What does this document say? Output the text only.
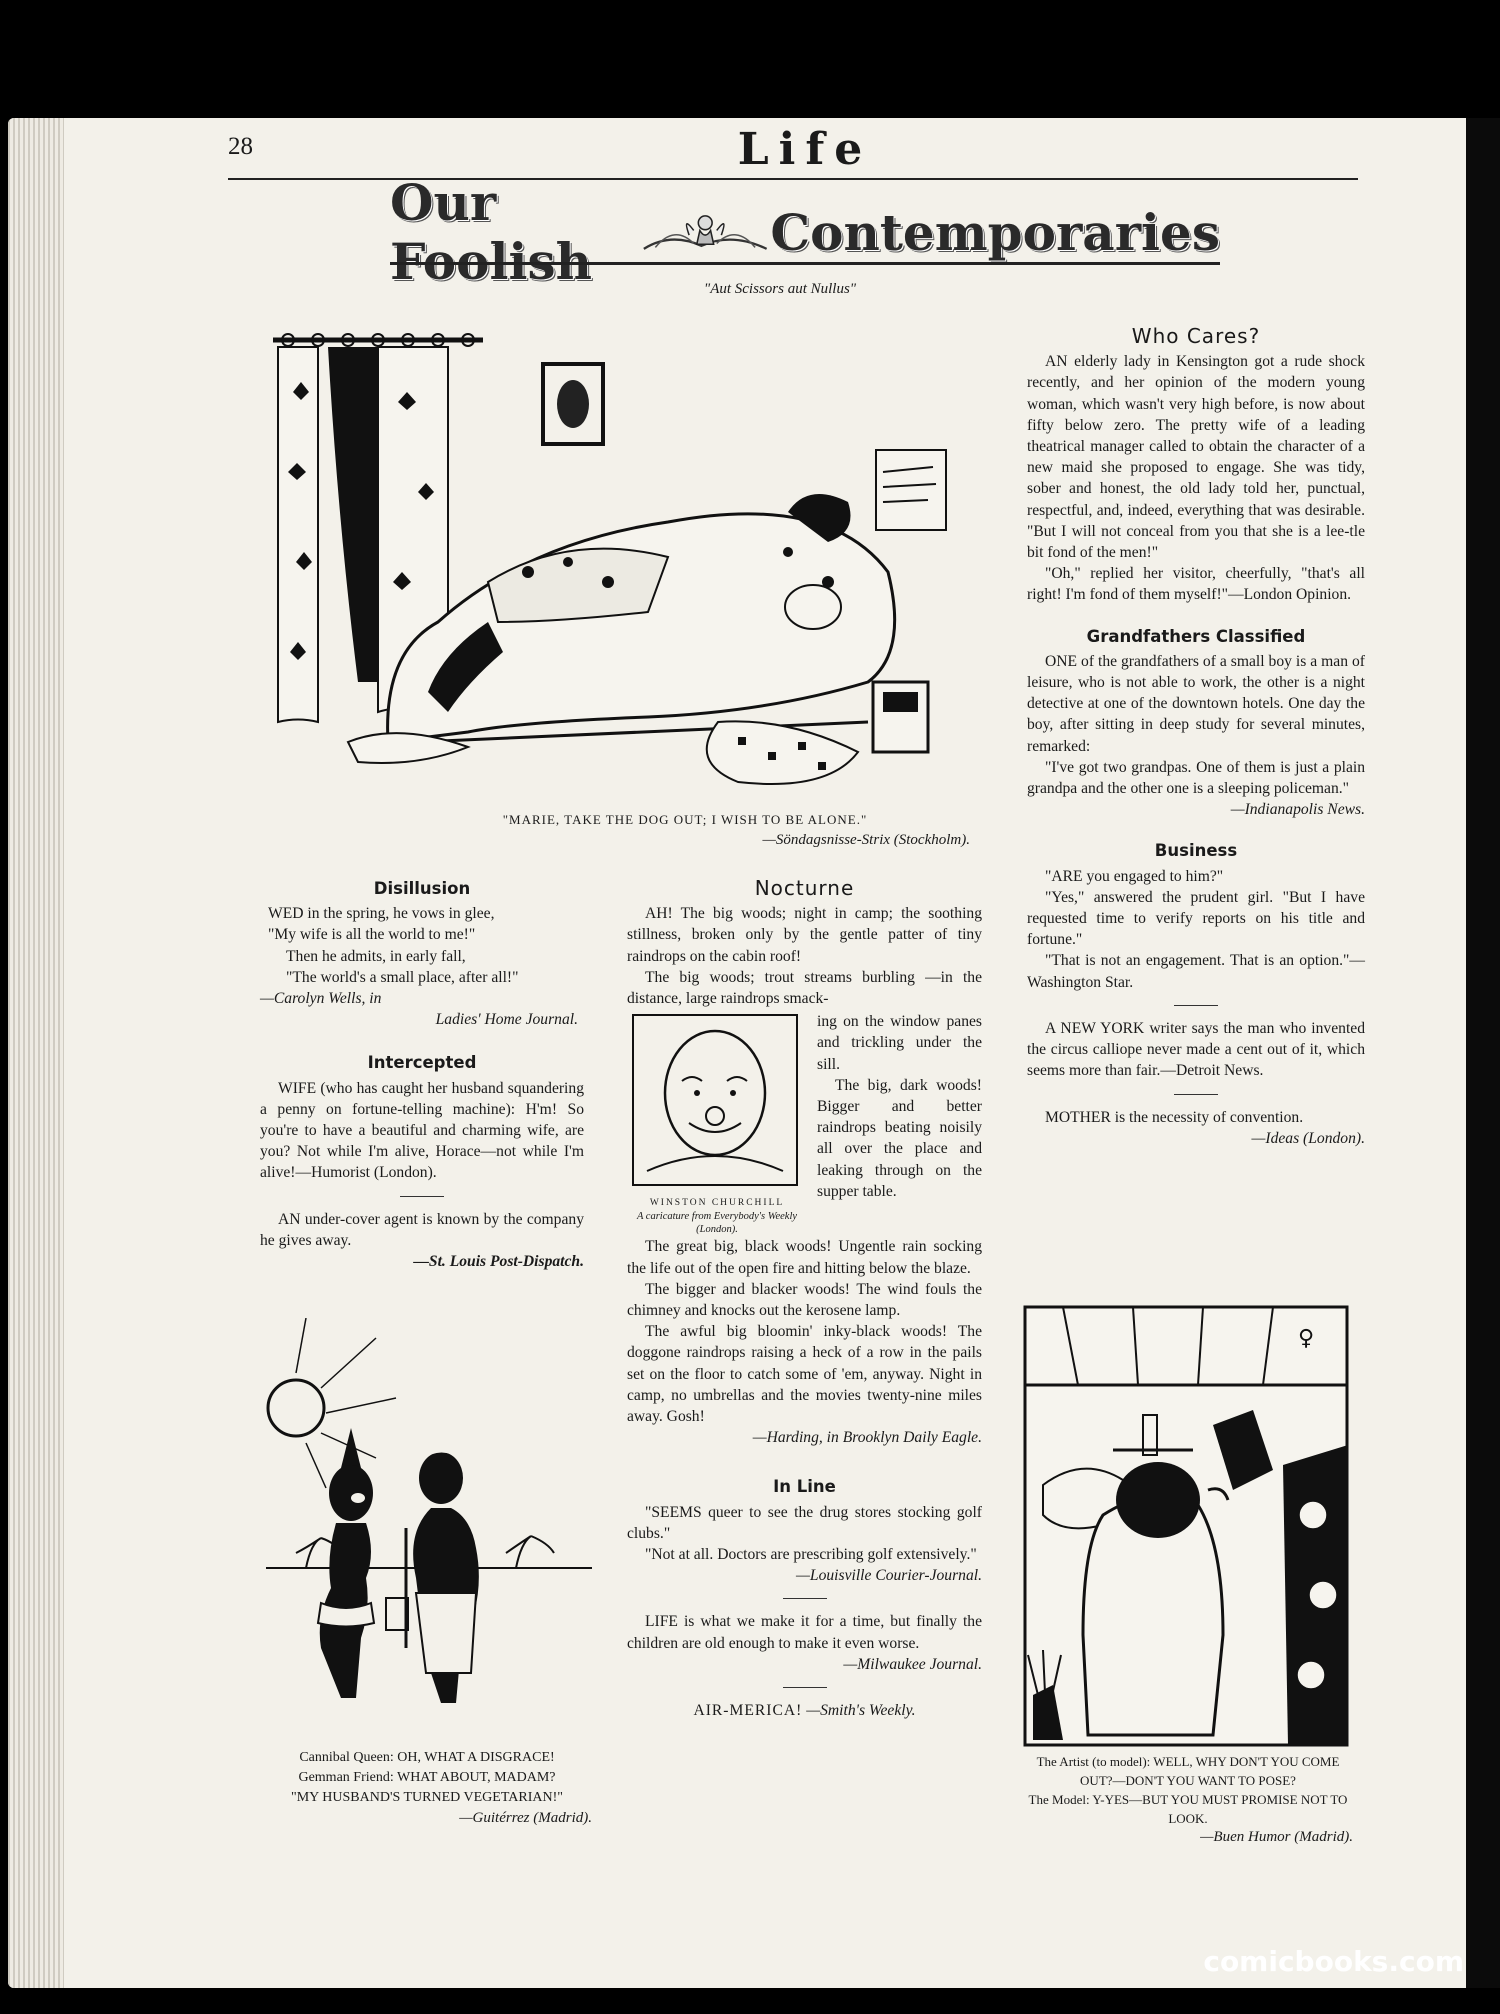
28	Life
Our Foolish	Contemporaries
"Aut Scissors aut Nullus"
"MARIE, TAKE THE DOG OUT; I WISH TO BE ALONE."
—Söndagsnisse-Strix (Stockholm).
Disillusion
WED in the spring, he vows in glee,
"My wife is all the world to me!"
Then he admits, in early fall,
"The world's a small place, after all!"
—Carolyn Wells, in
Ladies' Home Journal.
Intercepted

WIFE (who has caught her husband squandering a penny on fortune-telling machine): H'm! So you're to have a beautiful and charming wife, are you? Not while I'm alive, Horace—not while I'm alive!—Humorist (London).

AN under-cover agent is known by the company he gives away.

—St. Louis Post-Dispatch.
Cannibal Queen: OH, WHAT A DISGRACE!
Gemman Friend: WHAT ABOUT, MADAM?
"MY HUSBAND'S TURNED VEGETARIAN!"
—Guitérrez (Madrid).
Nocturne

AH! The big woods; night in camp; the soothing stillness, broken only by the gentle patter of tiny raindrops on the cabin roof!

The big woods; trout streams burbling —in the distance, large raindrops smack-

WINSTON CHURCHILL
A caricature from Everybody's Weekly (London).

ing on the window panes and trickling under the sill.

The big, dark woods! Bigger and better raindrops beating noisily all over the place and leaking through on the supper table.

The great big, black woods! Ungentle rain socking the life out of the open fire and hitting below the blaze.

The bigger and blacker woods! The wind fouls the chimney and knocks out the kerosene lamp.

The awful big bloomin' inky-black woods! The doggone raindrops raising a heck of a row in the pails set on the floor to catch some of 'em, anyway. Night in camp, no umbrellas and the movies twenty-nine miles away. Gosh!

—Harding, in Brooklyn Daily Eagle.
In Line

"SEEMS queer to see the drug stores stocking golf clubs."

"Not at all. Doctors are prescribing golf extensively."

—Louisville Courier-Journal.

LIFE is what we make it for a time, but finally the children are old enough to make it even worse.

—Milwaukee Journal.
AIR-MERICA! —Smith's Weekly.
Who Cares?

AN elderly lady in Kensington got a rude shock recently, and her opinion of the modern young woman, which wasn't very high before, is now about fifty below zero. The pretty wife of a leading theatrical manager called to obtain the character of a new maid she proposed to engage. She was tidy, sober and honest, the old lady told her, punctual, respectful, and, indeed, everything that was desirable. "But I will not conceal from you that she is a lee-tle bit fond of the men!"

"Oh," replied her visitor, cheerfully, "that's all right! I'm fond of them myself!"—London Opinion.

Grandfathers Classified

ONE of the grandfathers of a small boy is a man of leisure, who is not able to work, the other is a night detective at one of the downtown hotels. One day the boy, after sitting in deep study for several minutes, remarked:

"I've got two grandpas. One of them is just a plain grandpa and the other one is a sleeping policeman."

—Indianapolis News.
Business

"ARE you engaged to him?"

"Yes," answered the prudent girl. "But I have requested time to verify reports on his title and fortune."

"That is not an engagement. That is an option."—Washington Star.

A NEW YORK writer says the man who invented the circus calliope never made a cent out of it, which seems more than fair.—Detroit News.

MOTHER is the necessity of convention.

—Ideas (London).
♀
The Artist (to model): WELL, WHY DON'T YOU COME OUT?—DON'T YOU WANT TO POSE?
The Model: Y-YES—BUT YOU MUST PROMISE NOT TO LOOK.
—Buen Humor (Madrid).
comicbooks.com
